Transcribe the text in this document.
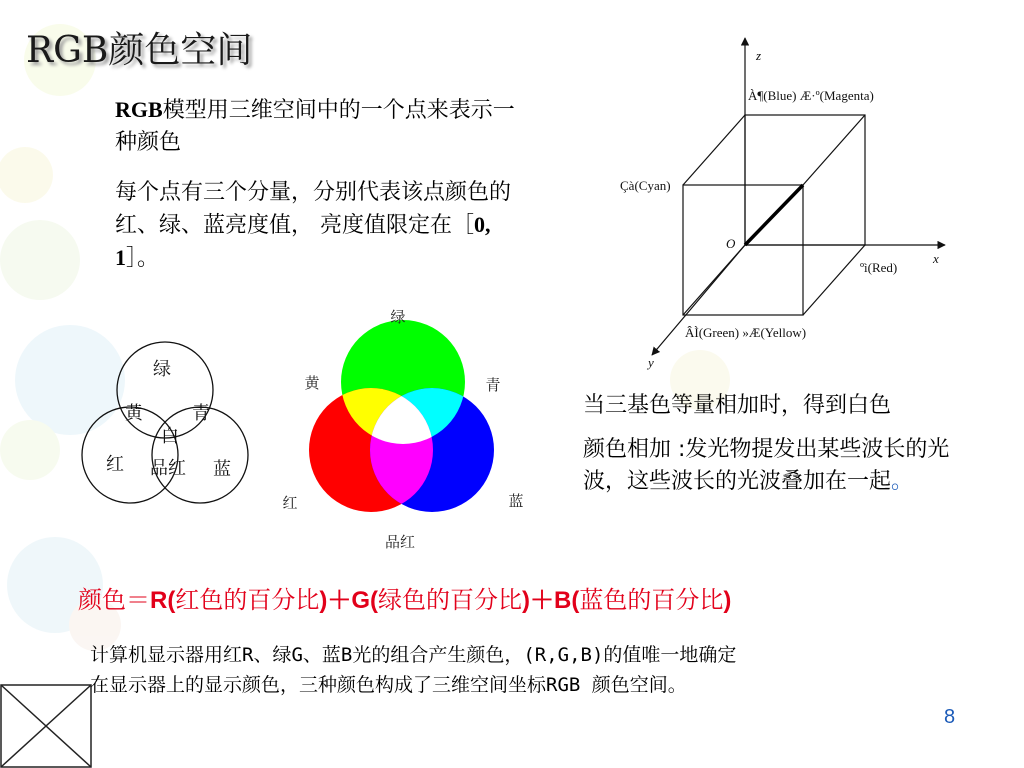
RGB颜色空间

RGB模型用三维空间中的一个点来表示一种颜色

每个点有三个分量，分别代表该点颜色的红、绿、蓝亮度值， 亮度值限定在［0, 1］。

z
À¶(Blue) Æ·º(Magenta)
Çà(Cyan)
O
x
ºì(Red)
ÂÌ(Green) »Æ(Yellow)
y
绿
黄	青
白
红 品红 蓝
绿
黄	青
红	蓝
品红

当三基色等量相加时，得到白色

颜色相加 :发光物提发出某些波长的光波，这些波长的光波叠加在一起。

颜色＝R(红色的百分比)＋G(绿色的百分比)＋B(蓝色的百分比)

计算机显示器用红R、绿G、蓝B光的组合产生颜色，(R,G,B)的值唯一地确定

在显示器上的显示颜色，三种颜色构成了三维空间坐标RGB 颜色空间。

8
